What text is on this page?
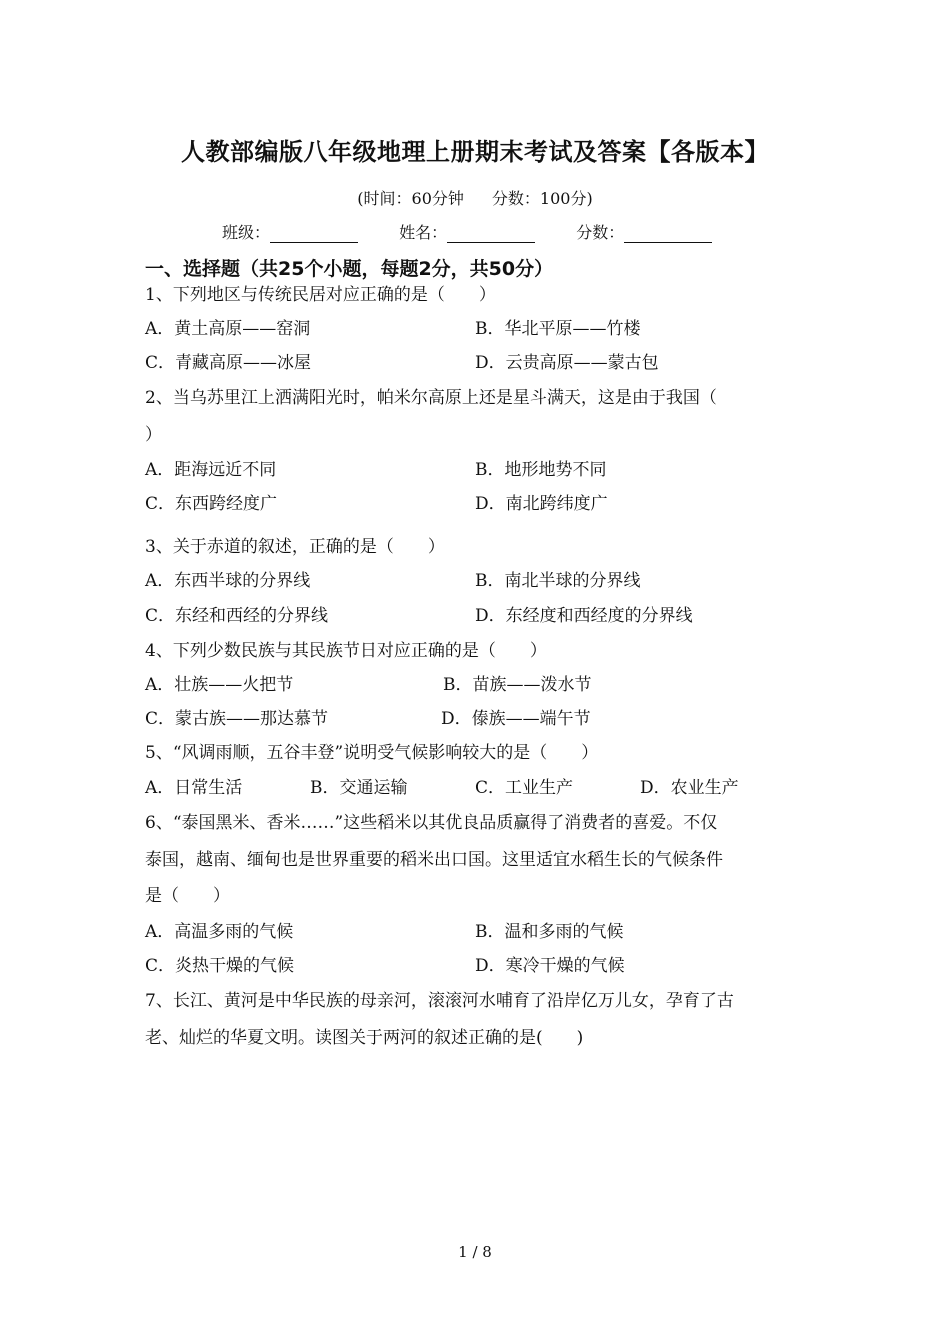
人教部编版八年级地理上册期末考试及答案【各版本】
(时间：60分钟 分数：100分)
班级：	姓名：	分数：
一、选择题（共25个小题，每题2分，共50分）
1、下列地区与传统民居对应正确的是（　　）
A．黄土高原——窑洞	B．华北平原——竹楼
C．青藏高原——冰屋	D．云贵高原——蒙古包
2、当乌苏里江上洒满阳光时，帕米尔高原上还是星斗满天，这是由于我国（
）
A．距海远近不同	B．地形地势不同
C．东西跨经度广	D．南北跨纬度广
3、关于赤道的叙述，正确的是（　　）
A．东西半球的分界线	B．南北半球的分界线
C．东经和西经的分界线	D．东经度和西经度的分界线
4、下列少数民族与其民族节日对应正确的是（　　）
A．壮族——火把节	B．苗族——泼水节
C．蒙古族——那达慕节	D．傣族——端午节
5、“风调雨顺，五谷丰登”说明受气候影响较大的是（　　）
A．日常生活	B．交通运输	C．工业生产	D．农业生产
6、“泰国黑米、香米……”这些稻米以其优良品质赢得了消费者的喜爱。不仅
泰国，越南、缅甸也是世界重要的稻米出口国。这里适宜水稻生长的气候条件
是（　　）
A．高温多雨的气候	B．温和多雨的气候
C．炎热干燥的气候	D．寒冷干燥的气候
7、长江、黄河是中华民族的母亲河，滚滚河水哺育了沿岸亿万儿女，孕育了古
老、灿烂的华夏文明。读图关于两河的叙述正确的是(　　)
1 / 8
